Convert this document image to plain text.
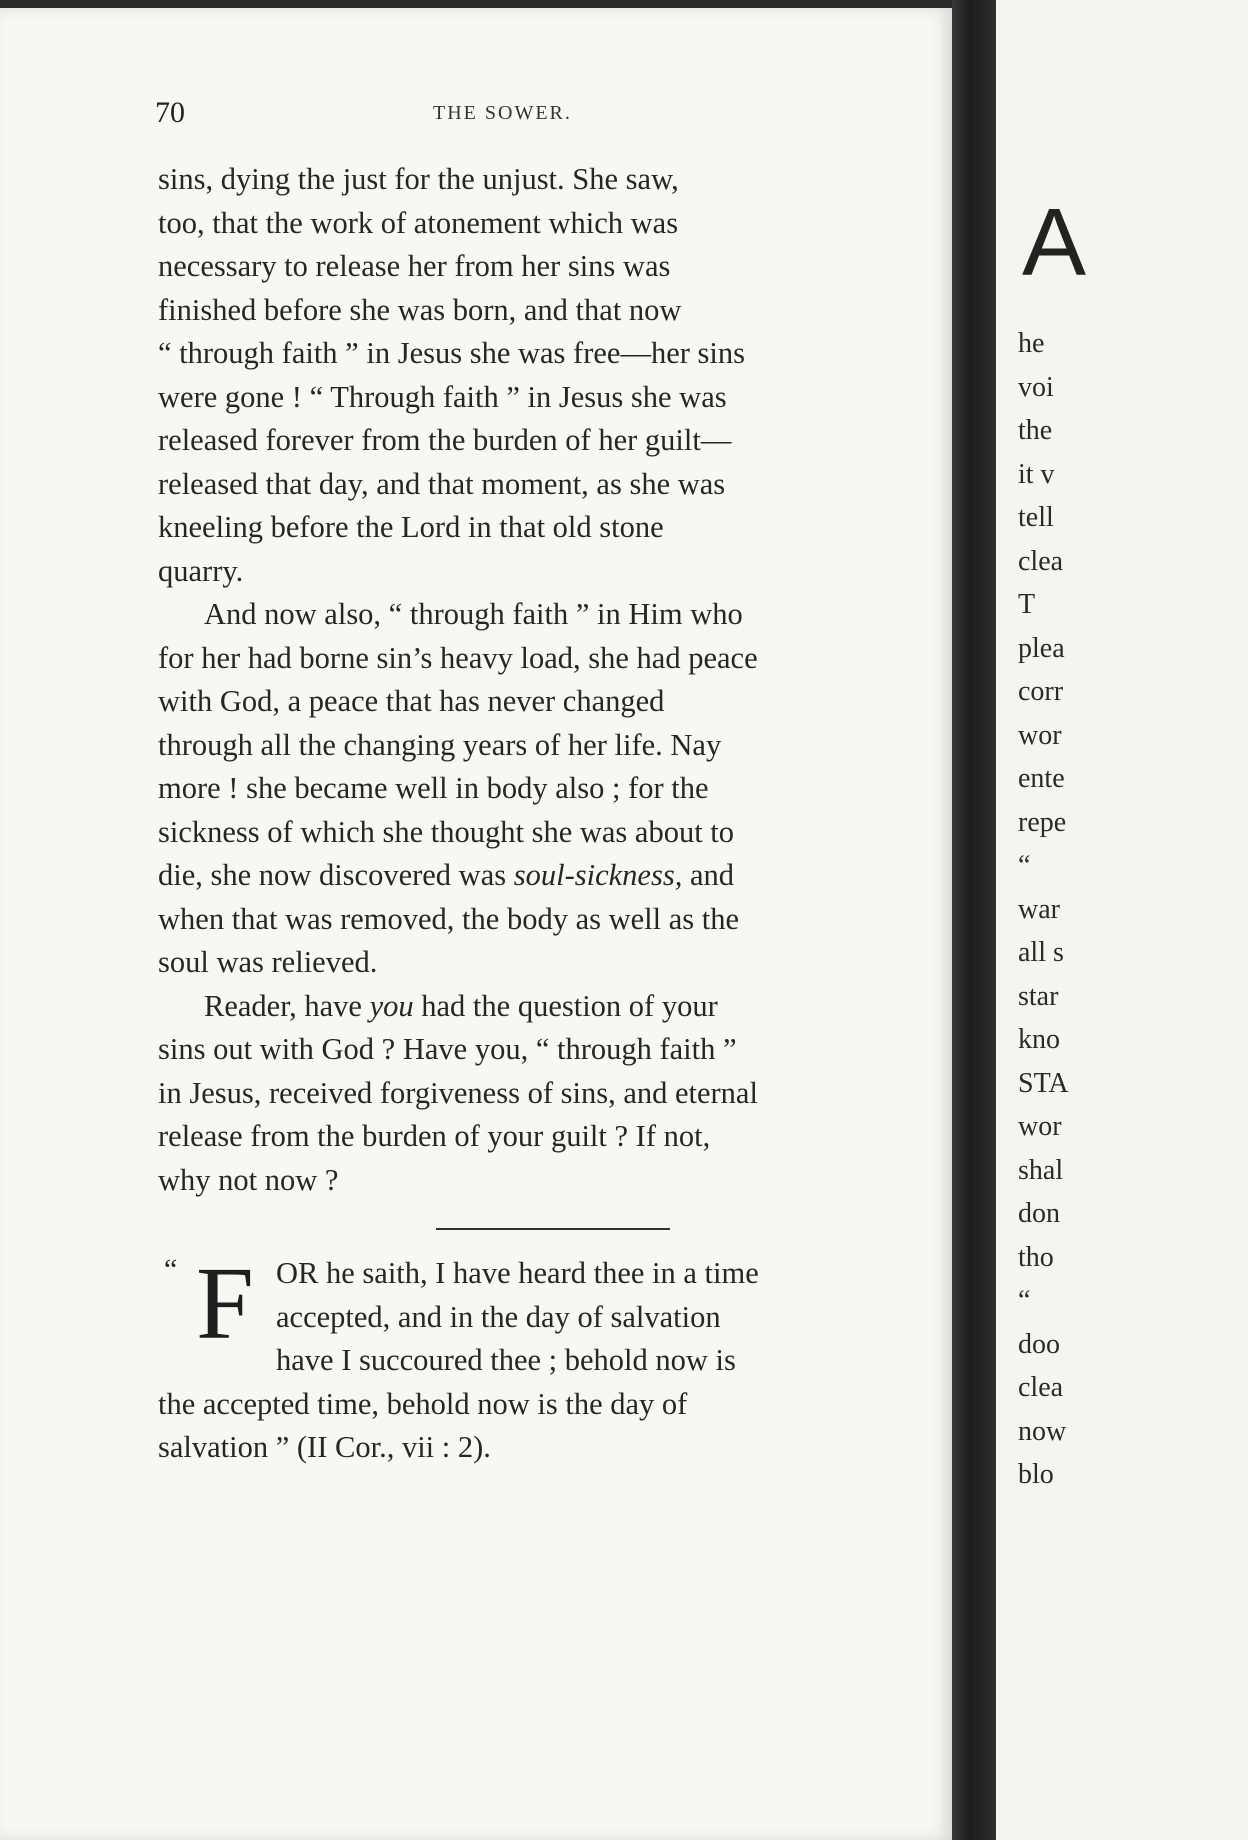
70	THE SOWER.

sins, dying the just for the unjust. She saw,
too, that the work of atonement which was
necessary to release her from her sins was
finished before she was born, and that now
“ through faith ” in Jesus she was free—her sins
were gone ! “ Through faith ” in Jesus she was
released forever from the burden of her guilt—
released that day, and that moment, as she was
kneeling before the Lord in that old stone
quarry.

And now also, “ through faith ” in Him who
for her had borne sin’s heavy load, she had peace
with God, a peace that has never changed
through all the changing years of her life. Nay
more ! she became well in body also ; for the
sickness of which she thought she was about to
die, she now discovered was soul-sickness, and
when that was removed, the body as well as the
soul was relieved.

Reader, have you had the question of your
sins out with God ? Have you, “ through faith ”
in Jesus, received forgiveness of sins, and eternal
release from the burden of your guilt ? If not,
why not now ?

“ F OR he saith, I have heard thee in a time
accepted, and in the day of salvation
have I succoured thee ; behold now is
the accepted time, behold now is the day of
salvation ” (II Cor., vii : 2).
A
he
voi
the
it v
tell
clea
T
plea
corr
wor
ente
repe
“
war
all s
star
kno
STA
wor
shal
don
tho
“
doo
clea
now
blo
